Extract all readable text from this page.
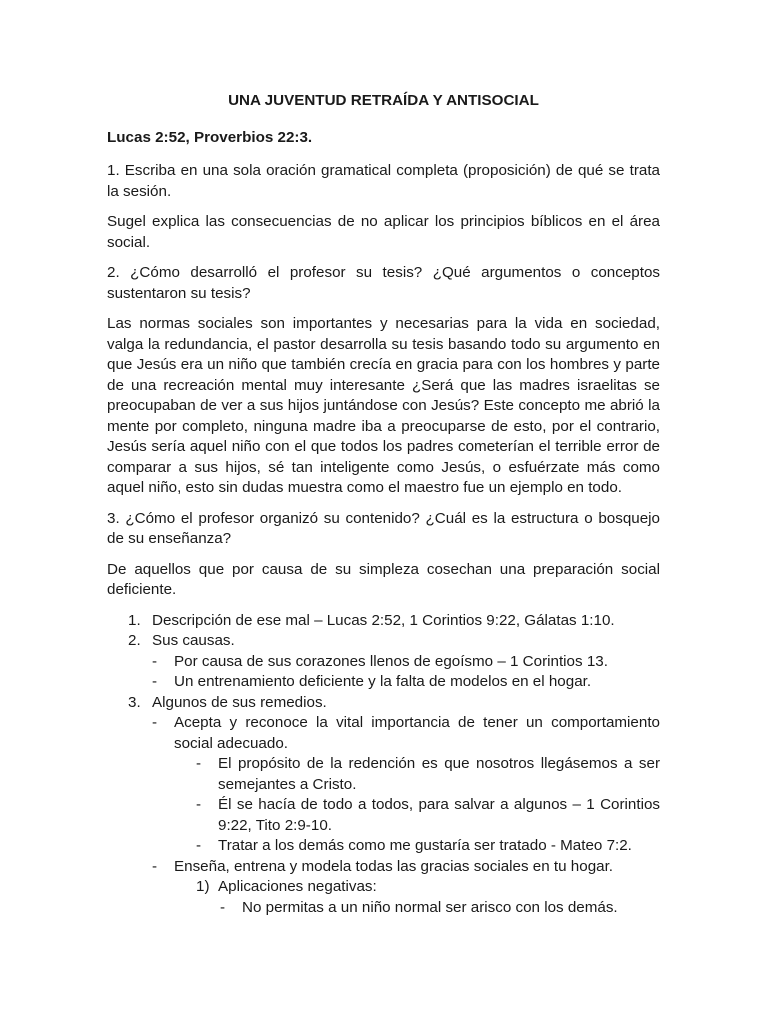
UNA JUVENTUD RETRAÍDA Y ANTISOCIAL
Lucas 2:52, Proverbios 22:3.

1. Escriba en una sola oración gramatical completa (proposición) de qué se trata la sesión.

Sugel explica las consecuencias de no aplicar los principios bíblicos en el área social.

2. ¿Cómo desarrolló el profesor su tesis? ¿Qué argumentos o conceptos sustentaron su tesis?

Las normas sociales son importantes y necesarias para la vida en sociedad, valga la redundancia, el pastor desarrolla su tesis basando todo su argumento en que Jesús era un niño que también crecía en gracia para con los hombres y parte de una recreación mental muy interesante ¿Será que las madres israelitas se preocupaban de ver a sus hijos juntándose con Jesús? Este concepto me abrió la mente por completo, ninguna madre iba a preocuparse de esto, por el contrario, Jesús sería aquel niño con el que todos los padres cometerían el terrible error de comparar a sus hijos, sé tan inteligente como Jesús, o esfuérzate más como aquel niño, esto sin dudas muestra como el maestro fue un ejemplo en todo.

3. ¿Cómo el profesor organizó su contenido? ¿Cuál es la estructura o bosquejo de su enseñanza?

De aquellos que por causa de su simpleza cosechan una preparación social deficiente.

1. Descripción de ese mal – Lucas 2:52, 1 Corintios 9:22, Gálatas 1:10.
2. Sus causas.
- Por causa de sus corazones llenos de egoísmo – 1 Corintios 13.
- Un entrenamiento deficiente y la falta de modelos en el hogar.
3. Algunos de sus remedios.
- Acepta y reconoce la vital importancia de tener un comportamiento social adecuado.
- El propósito de la redención es que nosotros llegásemos a ser semejantes a Cristo.
- Él se hacía de todo a todos, para salvar a algunos – 1 Corintios 9:22, Tito 2:9-10.
- Tratar a los demás como me gustaría ser tratado - Mateo 7:2.
- Enseña, entrena y modela todas las gracias sociales en tu hogar.
1) Aplicaciones negativas:
- No permitas a un niño normal ser arisco con los demás.
